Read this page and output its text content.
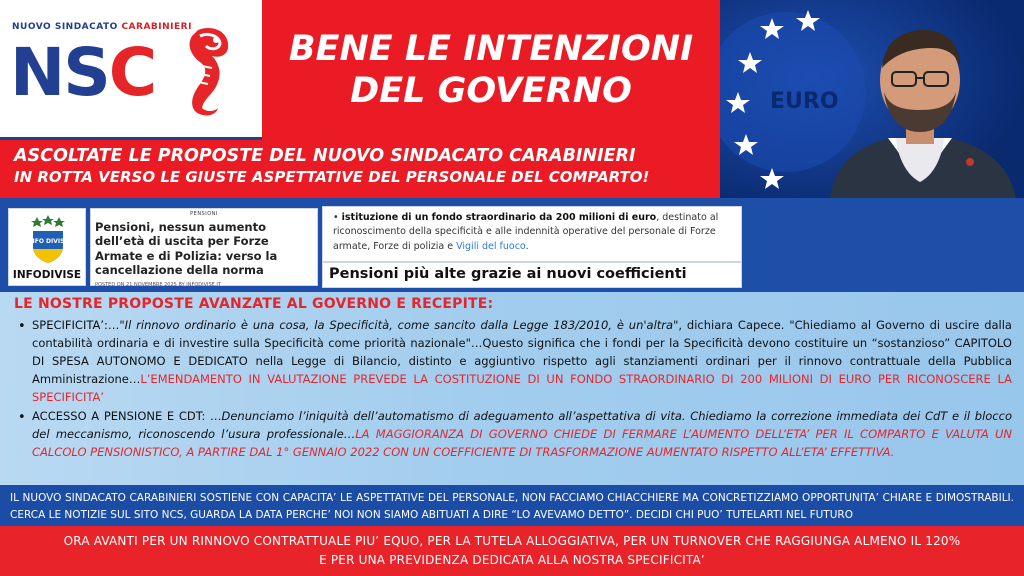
NUOVO SINDACATO CARABINIERI
NSC	BENE LE INTENZIONI
DEL GOVERNO	EURO
ASCOLTATE LE PROPOSTE DEL NUOVO SINDACATO CARABINIERI
IN ROTTA VERSO LE GIUSTE ASPETTATIVE DEL PERSONALE DEL COMPARTO!
INFO DIVISE
INFODIVISE
PENSIONI
Pensioni, nessun aumento dell’età di uscita per Forze Armate e di Polizia: verso la cancellazione della norma
POSTED ON 21 NOVEMBRE 2025 BY INFODIVISE.IT
• istituzione di un fondo straordinario da 200 milioni di euro, destinato al riconoscimento della specificità e alle indennità operative del personale di Forze armate, Forze di polizia e Vigili del fuoco.
Pensioni più alte grazie ai nuovi coefficienti
LE NOSTRE PROPOSTE AVANZATE AL GOVERNO E RECEPITE:
• SPECIFICITA’:…"Il rinnovo ordinario è una cosa, la Specificità, come sancito dalla Legge 183/2010, è un'altra", dichiara Capece. "Chiediamo al Governo di uscire dalla contabilità ordinaria e di investire sulla Specificità come priorità nazionale"…Questo significa che i fondi per la Specificità devono costituire un “sostanzioso” CAPITOLO DI SPESA AUTONOMO E DEDICATO nella Legge di Bilancio, distinto e aggiuntivo rispetto agli stanziamenti ordinari per il rinnovo contrattuale della Pubblica Amministrazione…L’EMENDAMENTO IN VALUTAZIONE PREVEDE LA COSTITUZIONE DI UN FONDO STRAORDINARIO DI 200 MILIONI DI EURO PER RICONOSCERE LA SPECIFICITA’
• ACCESSO A PENSIONE E CDT: …Denunciamo l’iniquità dell’automatismo di adeguamento all’aspettativa di vita. Chiediamo la correzione immediata dei CdT e il blocco del meccanismo, riconoscendo l’usura professionale…LA MAGGIORANZA DI GOVERNO CHIEDE DI FERMARE L’AUMENTO DELL’ETA’ PER IL COMPARTO E VALUTA UN CALCOLO PENSIONISTICO, A PARTIRE DAL 1° GENNAIO 2022 CON UN COEFFICIENTE DI TRASFORMAZIONE AUMENTATO RISPETTO ALL’ETA’ EFFETTIVA.
IL NUOVO SINDACATO CARABINIERI SOSTIENE CON CAPACITA’ LE ASPETTATIVE DEL PERSONALE, NON FACCIAMO CHIACCHIERE MA CONCRETIZZIAMO OPPORTUNITA’ CHIARE E DIMOSTRABILI. CERCA LE NOTIZIE SUL SITO NCS, GUARDA LA DATA PERCHE’ NOI NON SIAMO ABITUATI A DIRE “LO AVEVAMO DETTO”. DECIDI CHI PUO’ TUTELARTI NEL FUTURO
ORA AVANTI PER UN RINNOVO CONTRATTUALE PIU’ EQUO, PER LA TUTELA ALLOGGIATIVA, PER UN TURNOVER CHE RAGGIUNGA ALMENO IL 120%
E PER UNA PREVIDENZA DEDICATA ALLA NOSTRA SPECIFICITA’
